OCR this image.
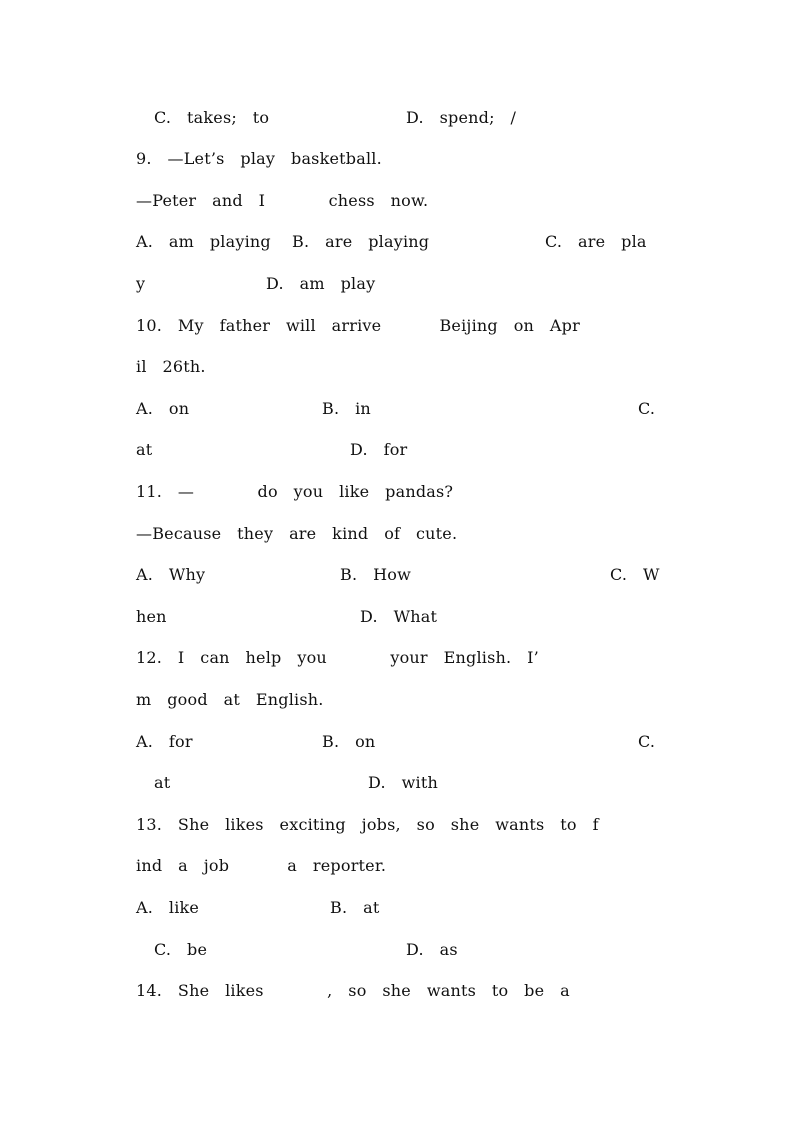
C.   takes;   to	D.   spend;   /
9.   —Let’s   play   basketball.
—Peter   and   I            chess   now.
A.   am   playing    B.   are   playing	C.   are   pla
y	D.   am   play
10.   My   father   will   arrive           Beijing   on   Apr
il   26th.
A.   on	B.   in	C.
at	D.   for
11.   —            do   you   like   pandas?
—Because   they   are   kind   of   cute.
A.   Why	B.   How	C.   W
hen	D.   What
12.   I   can   help   you            your   English.   I’
m   good   at   English.
A.   for	B.   on	C.
at	D.   with
13.   She   likes   exciting   jobs,   so   she   wants   to   f
ind   a   job           a   reporter.
A.   like	B.   at
C.   be	D.   as
14.   She   likes            ,   so   she   wants   to   be   a
